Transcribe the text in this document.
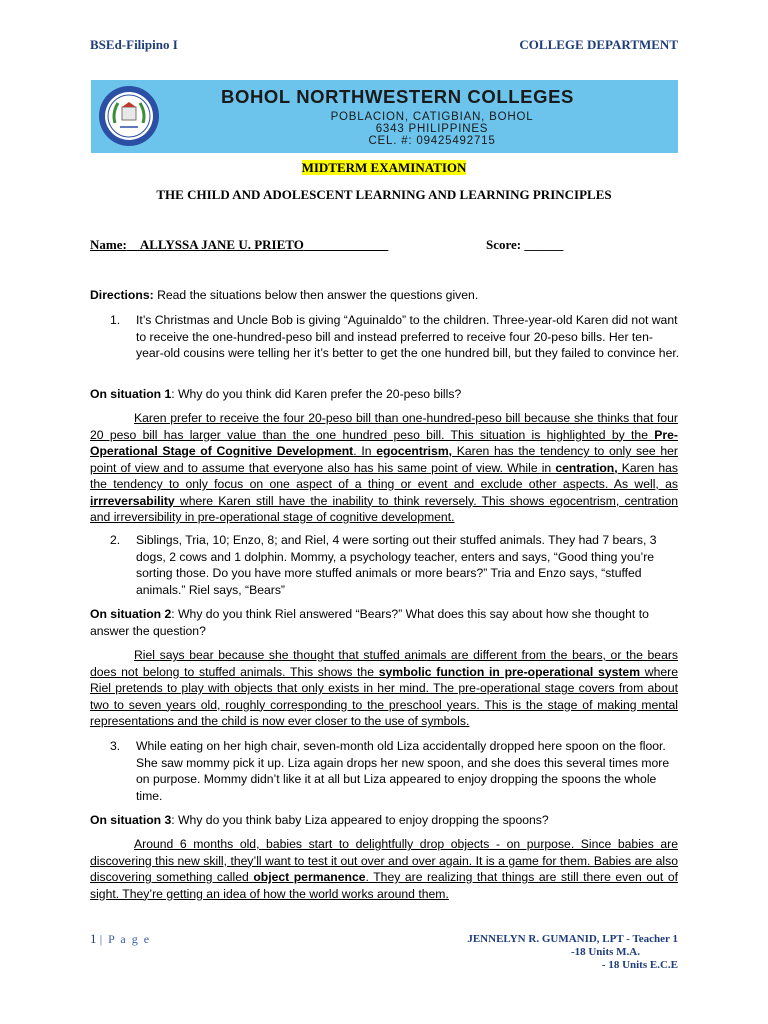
BSEd-Filipino I	COLLEGE DEPARTMENT
BOHOL NORTHWESTERN COLLEGES
POBLACION, CATIGBIAN, BOHOL
6343 PHILIPPINES
CEL. #: 09425492715
MIDTERM EXAMINATION
THE CHILD AND ADOLESCENT LEARNING AND LEARNING PRINCIPLES
Name: ALLYSSA JANE U. PRIETO	Score: ______
Directions: Read the situations below then answer the questions given.
1. It’s Christmas and Uncle Bob is giving “Aguinaldo” to the children. Three-year-old Karen did not want to receive the one-hundred-peso bill and instead preferred to receive four 20-peso bills. Her ten-year-old cousins were telling her it’s better to get the one hundred bill, but they failed to convince her.
On situation 1: Why do you think did Karen prefer the 20-peso bills?
Karen prefer to receive the four 20-peso bill than one-hundred-peso bill because she thinks that four 20 peso bill has larger value than the one hundred peso bill. This situation is highlighted by the Pre-Operational Stage of Cognitive Development. In egocentrism, Karen has the tendency to only see her point of view and to assume that everyone also has his same point of view. While in centration, Karen has the tendency to only focus on one aspect of a thing or event and exclude other aspects. As well, as irrreversability where Karen still have the inability to think reversely. This shows egocentrism, centration and irreversibility in pre-operational stage of cognitive development.
2. Siblings, Tria, 10; Enzo, 8; and Riel, 4 were sorting out their stuffed animals. They had 7 bears, 3 dogs, 2 cows and 1 dolphin. Mommy, a psychology teacher, enters and says, “Good thing you’re sorting those. Do you have more stuffed animals or more bears?” Tria and Enzo says, “stuffed animals.” Riel says, “Bears”
On situation 2: Why do you think Riel answered “Bears?” What does this say about how she thought to answer the question?
Riel says bear because she thought that stuffed animals are different from the bears, or the bears does not belong to stuffed animals. This shows the symbolic function in pre-operational system where Riel pretends to play with objects that only exists in her mind. The pre-operational stage covers from about two to seven years old, roughly corresponding to the preschool years. This is the stage of making mental representations and the child is now ever closer to the use of symbols.
3. While eating on her high chair, seven-month old Liza accidentally dropped here spoon on the floor. She saw mommy pick it up. Liza again drops her new spoon, and she does this several times more on purpose. Mommy didn’t like it at all but Liza appeared to enjoy dropping the spoons the whole time.
On situation 3: Why do you think baby Liza appeared to enjoy dropping the spoons?
Around 6 months old, babies start to delightfully drop objects - on purpose. Since babies are discovering this new skill, they’ll want to test it out over and over again. It is a game for them. Babies are also discovering something called object permanence. They are realizing that things are still there even out of sight. They’re getting an idea of how the world works around them.
1 | P a g e	JENNELYN R. GUMANID, LPT - Teacher 1
-18 Units M.A.
- 18 Units E.C.E
